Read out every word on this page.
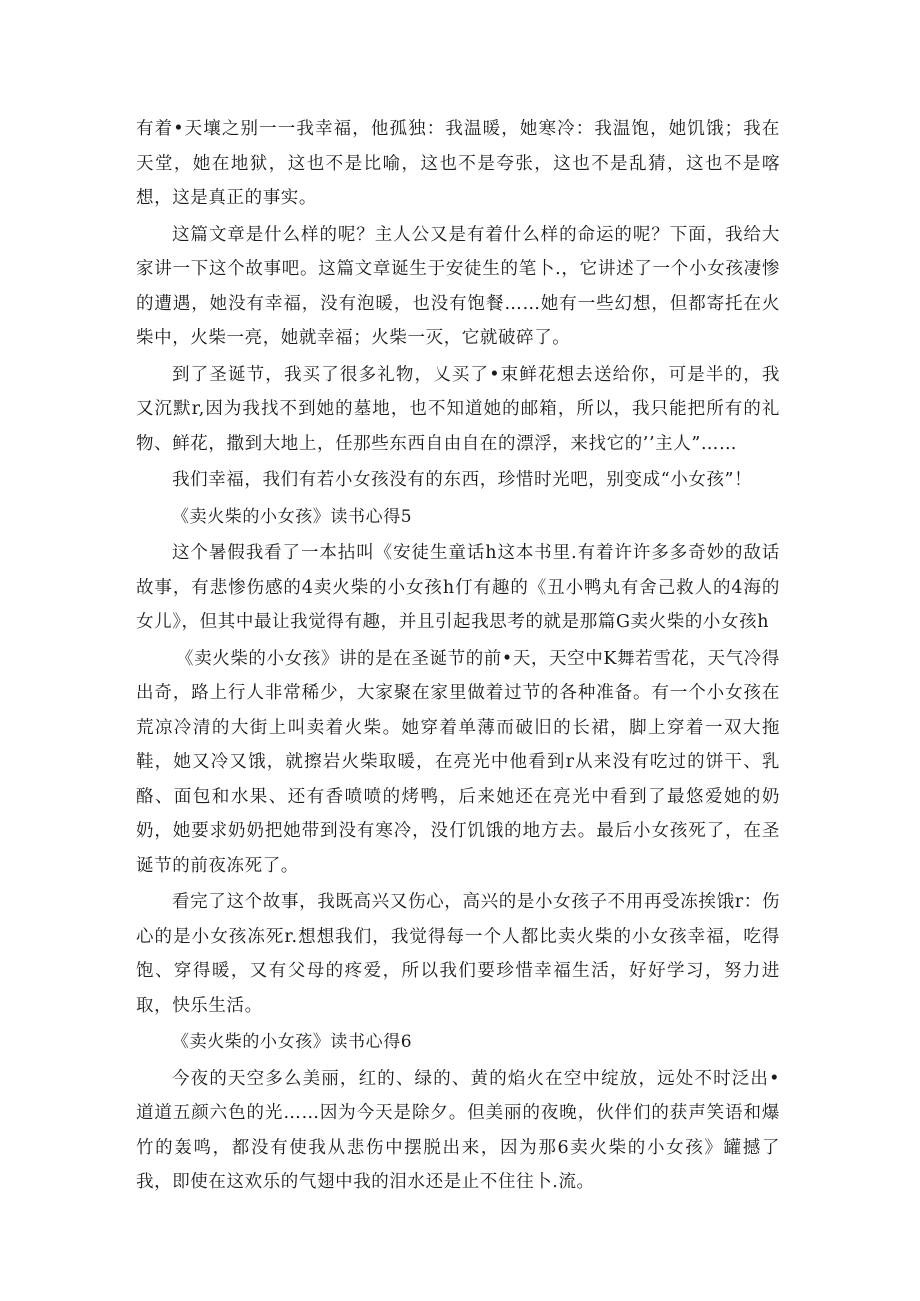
有着•天壤之别一一我幸福，他孤独：我温暖，她寒冷：我温饱，她饥饿；我在天堂，她在地狱，这也不是比喻，这也不是夸张，这也不是乱猜，这也不是喀想，这是真正的事实。

这篇文章是什么样的呢？主人公又是有着什么样的命运的呢？下面，我给大家讲一下这个故事吧。这篇文章诞生于安徒生的笔卜.，它讲述了一个小女孩凄惨的遭遇，她没有幸福，没有泡暖，也没有饱餐……她有一些幻想，但都寄托在火柴中，火柴一亮，她就幸福；火柴一灭，它就破碎了。

到了圣诞节，我买了很多礼物，乂买了•束鲜花想去送给你，可是半的，我又沉默r,因为我找不到她的墓地，也不知道她的邮箱，所以，我只能把所有的礼物、鲜花，撒到大地上，任那些东西自由自在的漂浮，来找它的’’主人”……

我们幸福，我们有若小女孩没有的东西，珍惜时光吧，别变成“小女孩”！

《卖火柴的小女孩》读书心得5

这个暑假我看了一本拈叫《安徒生童话h这本书里.有着许许多多奇妙的敌话故事，有悲惨伤感的4卖火柴的小女孩h仃有趣的《丑小鸭丸有舍己救人的4海的女儿》，但其中最让我觉得有趣，并且引起我思考的就是那篇G卖火柴的小女孩h

《卖火柴的小女孩》讲的是在圣诞节的前•天，天空中K舞若雪花，天气冷得出奇，路上行人非常稀少，大家聚在家里做着过节的各种准备。有一个小女孩在荒凉冷清的大街上叫卖着火柴。她穿着单薄而破旧的长裙，脚上穿着一双大拖鞋，她又冷又饿，就擦岩火柴取暖，在亮光中他看到r从来没有吃过的饼干、乳酪、面包和水果、还有香喷喷的烤鸭，后来她还在亮光中看到了最悠爱她的奶奶，她要求奶奶把她带到没有寒冷，没仃饥饿的地方去。最后小女孩死了，在圣诞节的前夜冻死了。

看完了这个故事，我既高兴又伤心，高兴的是小女孩子不用再受冻挨饿r：伤心的是小女孩冻死r.想想我们，我觉得每一个人都比卖火柴的小女孩幸福，吃得饱、穿得暖，又有父母的疼爱，所以我们要珍惜幸福生活，好好学习，努力进取，快乐生活。

《卖火柴的小女孩》读书心得6

今夜的天空多么美丽，红的、绿的、黄的焰火在空中绽放，远处不时泛出•道道五颜六色的光……因为今天是除夕。但美丽的夜晚，伙伴们的获声笑语和爆竹的轰鸣，都没有使我从悲伤中摆脱出来，因为那6卖火柴的小女孩》罐撼了我，即使在这欢乐的气翅中我的泪水还是止不住往卜.流。
